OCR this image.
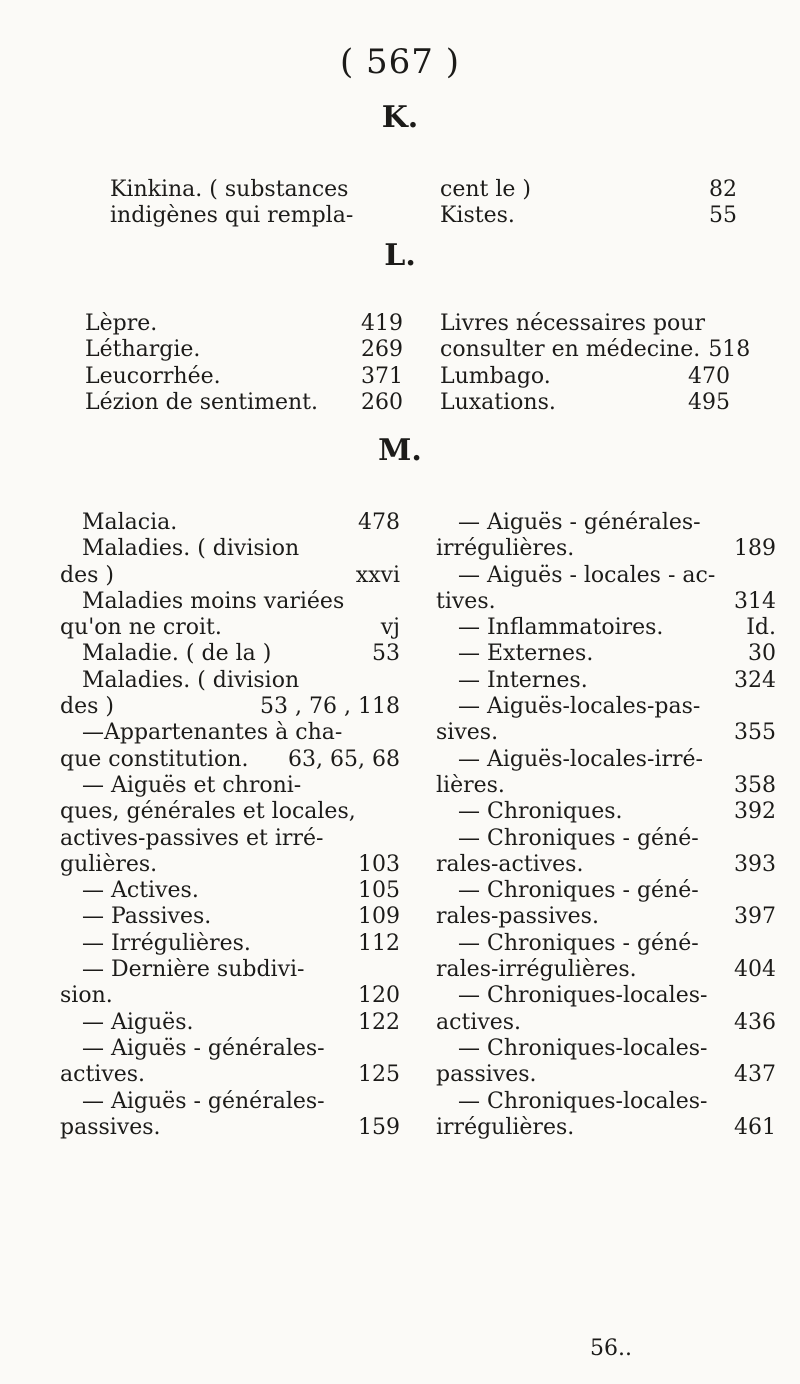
( 567 )
K.
Kinkina. ( substances
indigènes qui rempla-
cent le )	82
Kistes.	55
L.
Lèpre.	419
Léthargie.	269
Leucorrhée.	371
Lézion de sentiment. 260
Livres nécessaires pour
consulter en médecine. 518
Lumbago.	470
Luxations.	495
M.
Malacia.	478
Maladies. ( division
des )	xxvi
Maladies moins variées
qu'on ne croit.	vj
Maladie. ( de la )	53
Maladies. ( division
des )	53 , 76 , 118
—Appartenantes à cha-
que constitution. 63, 65, 68
— Aiguës et chroni-
ques, générales et locales,
actives-passives et irré-
gulières.	103
— Actives.	105
— Passives.	109
— Irrégulières.	112
— Dernière subdivi-
sion.	120
— Aiguës.	122
— Aiguës - générales-
actives.	125
— Aiguës - générales-
passives.	159
— Aiguës - générales-
irrégulières.	189
— Aiguës - locales - ac-
tives.	314
— Inflammatoires.	Id.
— Externes.	30
— Internes.	324
— Aiguës-locales-pas-
sives.	355
— Aiguës-locales-irré-
lières.	358
— Chroniques.	392
— Chroniques - géné-
rales-actives.	393
— Chroniques - géné-
rales-passives.	397
— Chroniques - géné-
rales-irrégulières.	404
— Chroniques-locales-
actives.	436
— Chroniques-locales-
passives.	437
— Chroniques-locales-
irrégulières.	461
56..
